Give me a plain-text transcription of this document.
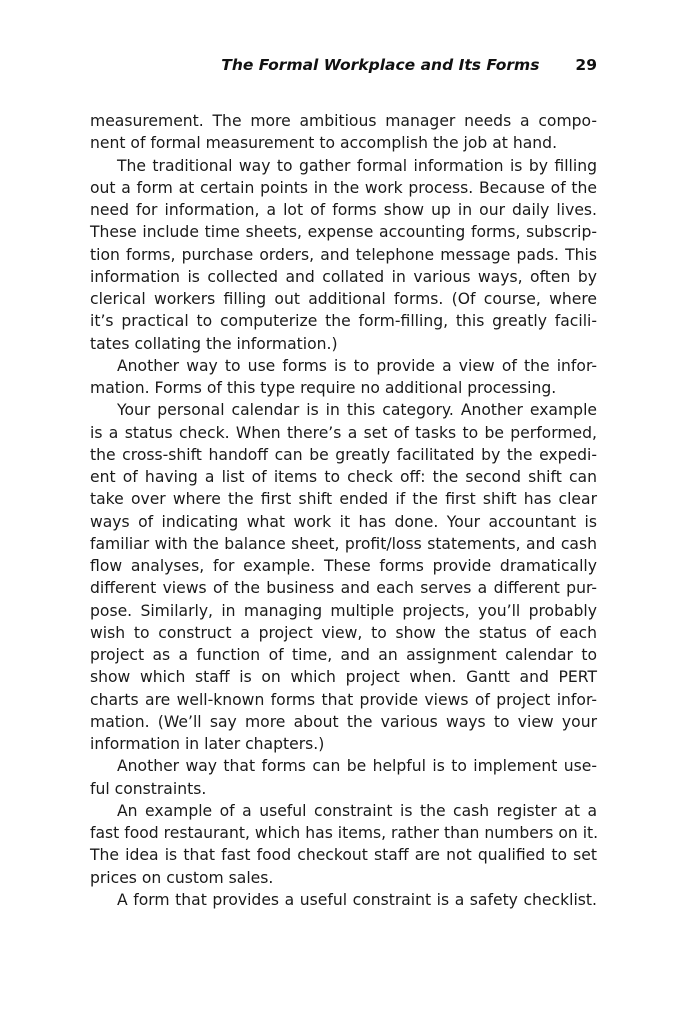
The Formal Workplace and Its Forms 29
measurement. The more ambitious manager needs a compo-
nent of formal measurement to accomplish the job at hand.
The traditional way to gather formal information is by filling
out a form at certain points in the work process. Because of the
need for information, a lot of forms show up in our daily lives.
These include time sheets, expense accounting forms, subscrip-
tion forms, purchase orders, and telephone message pads. This
information is collected and collated in various ways, often by
clerical workers filling out additional forms. (Of course, where
it’s practical to computerize the form-filling, this greatly facili-
tates collating the information.)
Another way to use forms is to provide a view of the infor-
mation. Forms of this type require no additional processing.
Your personal calendar is in this category. Another example
is a status check. When there’s a set of tasks to be performed,
the cross-shift handoff can be greatly facilitated by the expedi-
ent of having a list of items to check off: the second shift can
take over where the first shift ended if the first shift has clear
ways of indicating what work it has done. Your accountant is
familiar with the balance sheet, profit/loss statements, and cash
flow analyses, for example. These forms provide dramatically
different views of the business and each serves a different pur-
pose. Similarly, in managing multiple projects, you’ll probably
wish to construct a project view, to show the status of each
project as a function of time, and an assignment calendar to
show which staff is on which project when. Gantt and PERT
charts are well-known forms that provide views of project infor-
mation. (We’ll say more about the various ways to view your
information in later chapters.)
Another way that forms can be helpful is to implement use-
ful constraints.
An example of a useful constraint is the cash register at a
fast food restaurant, which has items, rather than numbers on it.
The idea is that fast food checkout staff are not qualified to set
prices on custom sales.
A form that provides a useful constraint is a safety checklist.
